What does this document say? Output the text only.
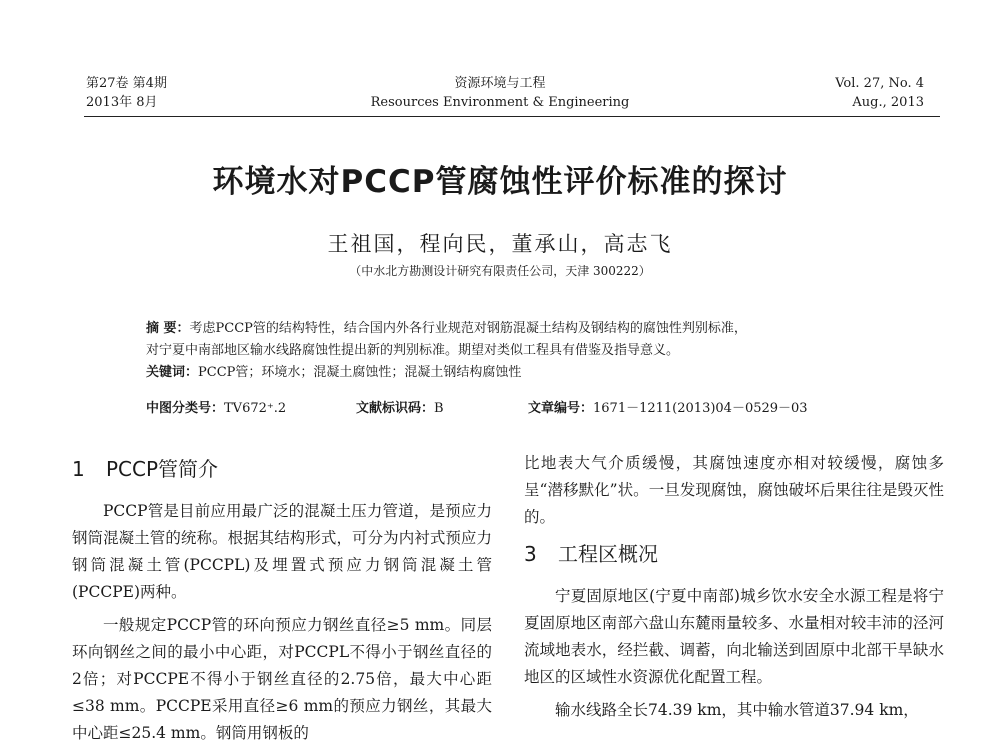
第27卷 第4期
2013年 8月
资源环境与工程
Resources Environment & Engineering
Vol. 27, No. 4
Aug., 2013
环境水对PCCP管腐蚀性评价标准的探讨
王祖国，程向民，董承山，高志飞
（中水北方勘测设计研究有限责任公司，天津 300222）
摘 要：考虑PCCP管的结构特性，结合国内外各行业规范对钢筋混凝土结构及钢结构的腐蚀性判别标准，
对宁夏中南部地区输水线路腐蚀性提出新的判别标准。期望对类似工程具有借鉴及指导意义。
关键词：PCCP管；环境水；混凝土腐蚀性；混凝土钢结构腐蚀性
中图分类号：TV672⁺.2	文献标识码：B	文章编号：1671－1211(2013)04－0529－03
1 PCCP管简介

PCCP管是目前应用最广泛的混凝土压力管道，是预应力钢筒混凝土管的统称。根据其结构形式，可分为内衬式预应力钢筒混凝土管(PCCPL)及埋置式预应力钢筒混凝土管(PCCPE)两种。

一般规定PCCP管的环向预应力钢丝直径≥5 mm。同层环向钢丝之间的最小中心距，对PCCPL不得小于钢丝直径的2倍；对PCCPE不得小于钢丝直径的2.75倍，最大中心距≤38 mm。PCCPE采用直径≥6 mm的预应力钢丝，其最大中心距≤25.4 mm。钢筒用钢板的

比地表大气介质缓慢，其腐蚀速度亦相对较缓慢，腐蚀多呈“潜移默化”状。一旦发现腐蚀，腐蚀破坏后果往往是毁灭性的。

3 工程区概况

宁夏固原地区(宁夏中南部)城乡饮水安全水源工程是将宁夏固原地区南部六盘山东麓雨量较多、水量相对较丰沛的泾河流域地表水，经拦截、调蓄，向北输送到固原中北部干旱缺水地区的区域性水资源优化配置工程。

输水线路全长74.39 km，其中输水管道37.94 km，
